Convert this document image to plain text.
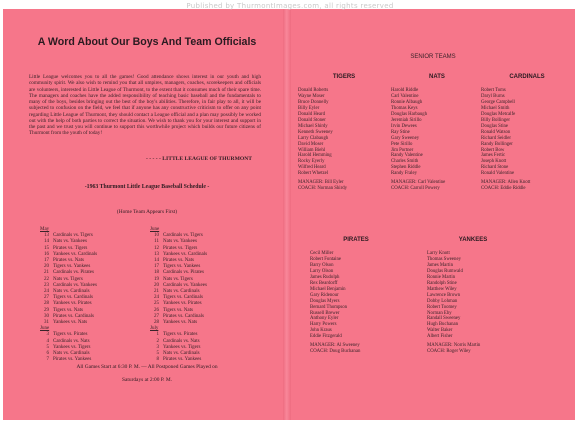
Published by ThurmontImages.com, all rights reserved
A Word About Our Boys And Team Officials
Little League welcomes you to all the games! Good attendance shows interest in our youth and high community spirit. We also wish to remind you that all umpires, managers, coaches, scorekeepers and officials are volunteers, interested in Little League of Thurmont, to the extent that it consumes much of their spare time. The managers and coaches have the added responsibility of teaching basic baseball and the fundamentals to many of the boys, besides bringing out the best of the boy's abilities. Therefore, in fair play to all, it will be subjected to confusion on the field, we feel that if anyone has any constructive criticism to offer on any point regarding Little League of Thurmont, they should contact a League official and a plan may possibly be worked out with the help of both parties to correct the situation. We wish to thank you for your interest and support in the past and we trust you will continue to support this worthwhile project which builds our future citizens of Thurmont from the youth of today!
- - - - - LITTLE LEAGUE OF THURMONT
-1963 Thurmont Little League Baseball Schedule -
(Home Team Appears First)
May
13 Cardinals vs. Tigers
14 Nats vs. Yankees
15 Pirates vs. Tigers
16 Yankees vs. Cardinals
17 Pirates vs. Nats
20 Tigers vs. Yankees
21 Cardinals vs. Pirates
22 Nats vs. Tigers
23 Cardinals vs. Yankees
24 Nats vs. Cardinals
27 Tigers vs. Cardinals
28 Yankees vs. Pirates
29 Tigers vs. Nats
30 Pirates vs. Cardinals
31 Yankees vs. Nats
June
3 Tigers vs. Pirates
4 Cardinals vs. Nats
5 Yankees vs. Tigers
6 Nats vs. Cardinals
7 Pirates vs. Yankees
June
10 Cardinals vs. Tigers
11 Nats vs. Yankees
12 Pirates vs. Tigers
13 Yankees vs. Cardinals
14 Pirates vs. Nats
17 Tigers vs. Yankees
18 Cardinals vs. Pirates
19 Nats vs. Tigers
20 Cardinals vs. Yankees
21 Nats vs. Cardinals
24 Tigers vs. Cardinals
25 Yankees vs. Pirates
26 Tigers vs. Nats
27 Pirates vs. Cardinals
28 Yankees vs. Nats
July
1 Tigers vs. Pirates
2 Cardinals vs. Nats
3 Yankees vs. Tigers
5 Nats vs. Cardinals
8 Pirates vs. Yankees
All Games Start at 6:30 P. M. — All Postponed Games Played on
Saturdays at 2:00 P. M.
SENIOR TEAMS
TIGERS
Donald Roberts
Wayne Moser
Bruce Donnelly
Billy Eyler
Donald Heard
Donald Stoner
Michael Shirdy
Kenneth Sweeney
Larry Clabaugh
David Moser
William Biehl
Harold Hemming
Rocky Eyerly
Wilfred Heard
Robert Whetzel
MANAGER: Bill Eyler
COACH: Norman Shirdy
NATS
Harold Riddle
Carl Valentine
Ronnie Albaugh
Thomas Keys
Douglas Harbaugh
Jeremiah Sirillo
Irvin Dewees
Ray Stine
Gary Sweeney
Pete Sirillo
Jim Portner
Randy Valentine
Charles Smith
Stephen Riddle
Randy Fraley
MANAGER: Carl Valentine
COACH: Carroll Powery
CARDINALS
Robert Toms
Daryl Burns
George Campbell
Michael Smith
Douglas Metcalfe
Billy Bollinger
Douglas Stine
Ronald Watson
Richard Seidler
Randy Bollinger
Robert Bow
James Fertic
Joseph Knott
Richard Stone
Ronald Valentine
MANAGER: Allen Knott
COACH: Eddie Riddle
PIRATES
Cecil Miller
Robert Fontaine
Barry Olson
Larry Olson
James Rudolph
Rex Beardorff
Michael Benjamin
Gary Ridenour
Douglas Myers
Bernard Thompson
Russell Brewer
Anthony Eyler
Harry Powers
John Kraus
Eddie Fitzgerald
MANAGER: Al Sweeney
COACH: Doug Buchanan
YANKEES
Larry Knott
Thomas Sweeney
James Martin
Douglas Rumwald
Ronnie Martin
Randolph Stine
Matthew Wiley
Lawrence Brown
Dobby Lohman
Robert Toomey
Norman Eby
Randall Sweeney
Hugh Buchanan
Walter Baker
Albert Fisher
MANAGER: Norris Martin
COACH: Roger Wiley
